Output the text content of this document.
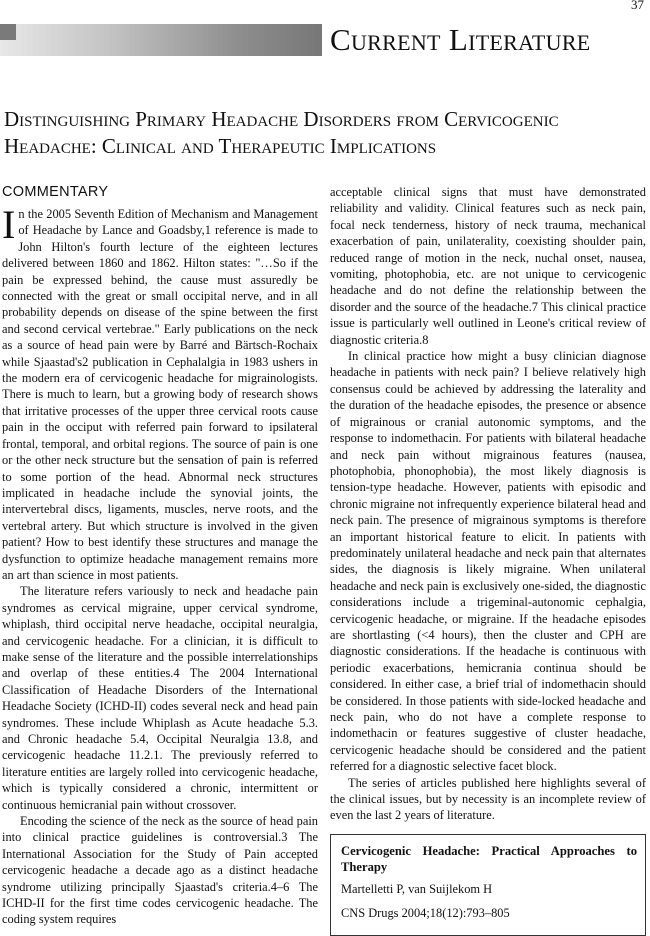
37
Current Literature
Distinguishing Primary Headache Disorders from Cervicogenic Headache: Clinical and Therapeutic Implications
COMMENTARY

In the 2005 Seventh Edition of Mechanism and Management of Headache by Lance and Goadsby,1 reference is made to John Hilton's fourth lecture of the eighteen lectures delivered between 1860 and 1862. Hilton states: "…So if the pain be expressed behind, the cause must assuredly be connected with the great or small occipital nerve, and in all probability depends on disease of the spine between the first and second cervical vertebrae." Early publications on the neck as a source of head pain were by Barré and Bärtsch-Rochaix while Sjaastad's2 publication in Cephalalgia in 1983 ushers in the modern era of cervicogenic headache for migrainologists. There is much to learn, but a growing body of research shows that irritative processes of the upper three cervical roots cause pain in the occiput with referred pain forward to ipsilateral frontal, temporal, and orbital regions. The source of pain is one or the other neck structure but the sensation of pain is referred to some portion of the head. Abnormal neck structures implicated in headache include the synovial joints, the intervertebral discs, ligaments, muscles, nerve roots, and the vertebral artery. But which structure is involved in the given patient? How to best identify these structures and manage the dysfunction to optimize headache management remains more an art than science in most patients.

The literature refers variously to neck and headache pain syndromes as cervical migraine, upper cervical syndrome, whiplash, third occipital nerve headache, occipital neuralgia, and cervicogenic headache. For a clinician, it is difficult to make sense of the literature and the possible interrelationships and overlap of these entities.4 The 2004 International Classification of Headache Disorders of the International Headache Society (ICHD-II) codes several neck and head pain syndromes. These include Whiplash as Acute headache 5.3. and Chronic headache 5.4, Occipital Neuralgia 13.8, and cervicogenic headache 11.2.1. The previously referred to literature entities are largely rolled into cervicogenic headache, which is typically considered a chronic, intermittent or continuous hemicranial pain without crossover.

Encoding the science of the neck as the source of head pain into clinical practice guidelines is controversial.3 The International Association for the Study of Pain accepted cervicogenic headache a decade ago as a distinct headache syndrome utilizing principally Sjaastad's criteria.4–6 The ICHD-II for the first time codes cervicogenic headache. The coding system requires

acceptable clinical signs that must have demonstrated reliability and validity. Clinical features such as neck pain, focal neck tenderness, history of neck trauma, mechanical exacerbation of pain, unilaterality, coexisting shoulder pain, reduced range of motion in the neck, nuchal onset, nausea, vomiting, photophobia, etc. are not unique to cervicogenic headache and do not define the relationship between the disorder and the source of the headache.7 This clinical practice issue is particularly well outlined in Leone's critical review of diagnostic criteria.8

In clinical practice how might a busy clinician diagnose headache in patients with neck pain? I believe relatively high consensus could be achieved by addressing the laterality and the duration of the headache episodes, the presence or absence of migrainous or cranial autonomic symptoms, and the response to indomethacin. For patients with bilateral headache and neck pain without migrainous features (nausea, photophobia, phonophobia), the most likely diagnosis is tension-type headache. However, patients with episodic and chronic migraine not infrequently experience bilateral head and neck pain. The presence of migrainous symptoms is therefore an important historical feature to elicit. In patients with predominately unilateral headache and neck pain that alternates sides, the diagnosis is likely migraine. When unilateral headache and neck pain is exclusively one-sided, the diagnostic considerations include a trigeminal-autonomic cephalgia, cervicogenic headache, or migraine. If the headache episodes are shortlasting (<4 hours), then the cluster and CPH are diagnostic considerations. If the headache is continuous with periodic exacerbations, hemicrania continua should be considered. In either case, a brief trial of indomethacin should be considered. In those patients with side-locked headache and neck pain, who do not have a complete response to indomethacin or features suggestive of cluster headache, cervicogenic headache should be considered and the patient referred for a diagnostic selective facet block.

The series of articles published here highlights several of the clinical issues, but by necessity is an incomplete review of even the last 2 years of literature.

Cervicogenic Headache: Practical Approaches to Therapy
Martelletti P, van Suijlekom H
CNS Drugs 2004;18(12):793–805
